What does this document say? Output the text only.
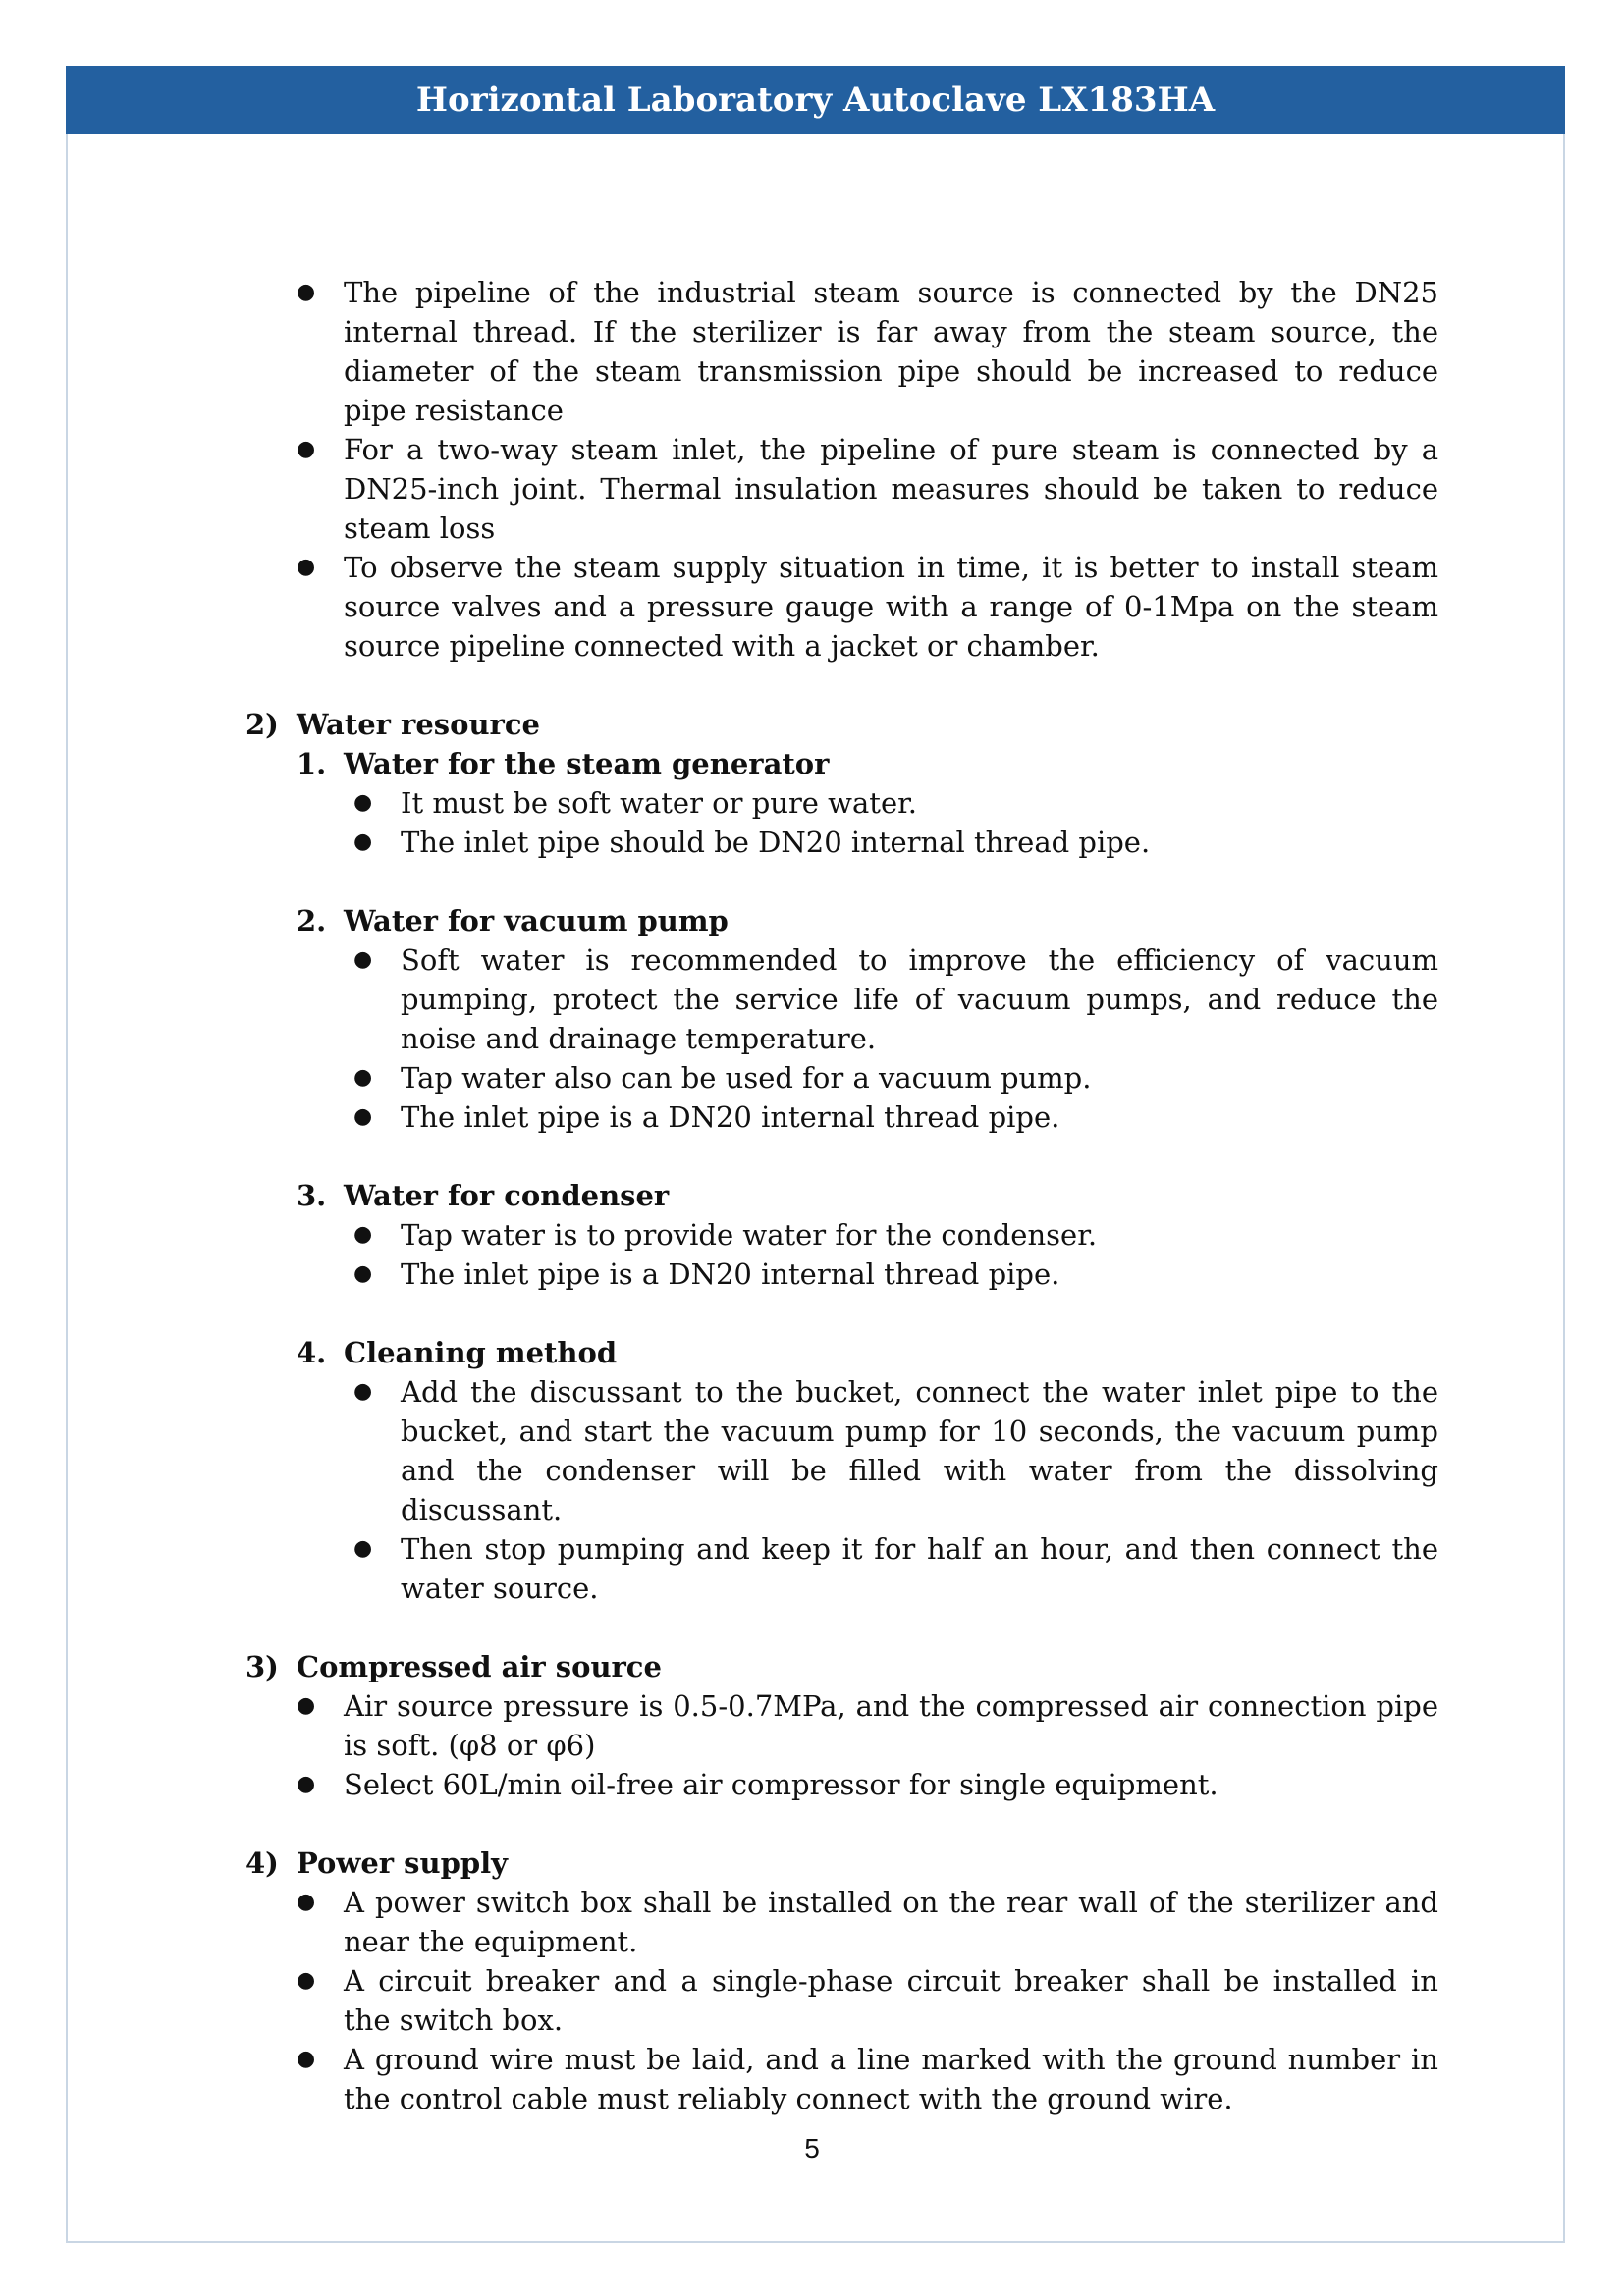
Horizontal Laboratory Autoclave LX183HA
● The pipeline of the industrial steam source is connected by the DN25 internal thread. If the sterilizer is far away from the steam source, the diameter of the steam transmission pipe should be increased to reduce pipe resistance
● For a two-way steam inlet, the pipeline of pure steam is connected by a DN25-inch joint. Thermal insulation measures should be taken to reduce steam loss
● To observe the steam supply situation in time, it is better to install steam source valves and a pressure gauge with a range of 0-1Mpa on the steam source pipeline connected with a jacket or chamber.
2) Water resource
1. Water for the steam generator
● It must be soft water or pure water.
● The inlet pipe should be DN20 internal thread pipe.
2. Water for vacuum pump
● Soft water is recommended to improve the efficiency of vacuum pumping, protect the service life of vacuum pumps, and reduce the noise and drainage temperature.
● Tap water also can be used for a vacuum pump.
● The inlet pipe is a DN20 internal thread pipe.
3. Water for condenser
● Tap water is to provide water for the condenser.
● The inlet pipe is a DN20 internal thread pipe.
4. Cleaning method
● Add the discussant to the bucket, connect the water inlet pipe to the bucket, and start the vacuum pump for 10 seconds, the vacuum pump and the condenser will be filled with water from the dissolving discussant.
● Then stop pumping and keep it for half an hour, and then connect the water source.
3) Compressed air source
● Air source pressure is 0.5-0.7MPa, and the compressed air connection pipe is soft. (φ8 or φ6)
● Select 60L/min oil-free air compressor for single equipment.
4) Power supply
● A power switch box shall be installed on the rear wall of the sterilizer and near the equipment.
● A circuit breaker and a single-phase circuit breaker shall be installed in the switch box.
● A ground wire must be laid, and a line marked with the ground number in the control cable must reliably connect with the ground wire.
5
